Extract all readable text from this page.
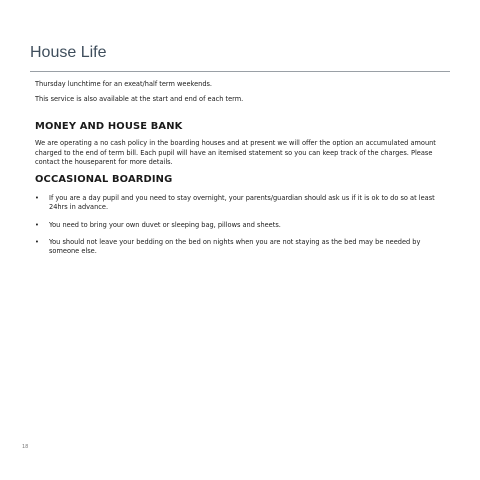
House Life

Thursday lunchtime for an exeat/half term weekends.

This service is also available at the start and end of each term.

MONEY AND HOUSE BANK

We are operating a no cash policy in the boarding houses and at present we will offer the option an accumulated amount charged to the end of term bill. Each pupil will have an itemised statement so you can keep track of the charges. Please contact the houseparent for more details.

OCCASIONAL BOARDING
• If you are a day pupil and you need to stay overnight, your parents/guardian should ask us if it is ok to do so at least 24hrs in advance.
• You need to bring your own duvet or sleeping bag, pillows and sheets.
• You should not leave your bedding on the bed on nights when you are not staying as the bed may be needed by someone else.
18
